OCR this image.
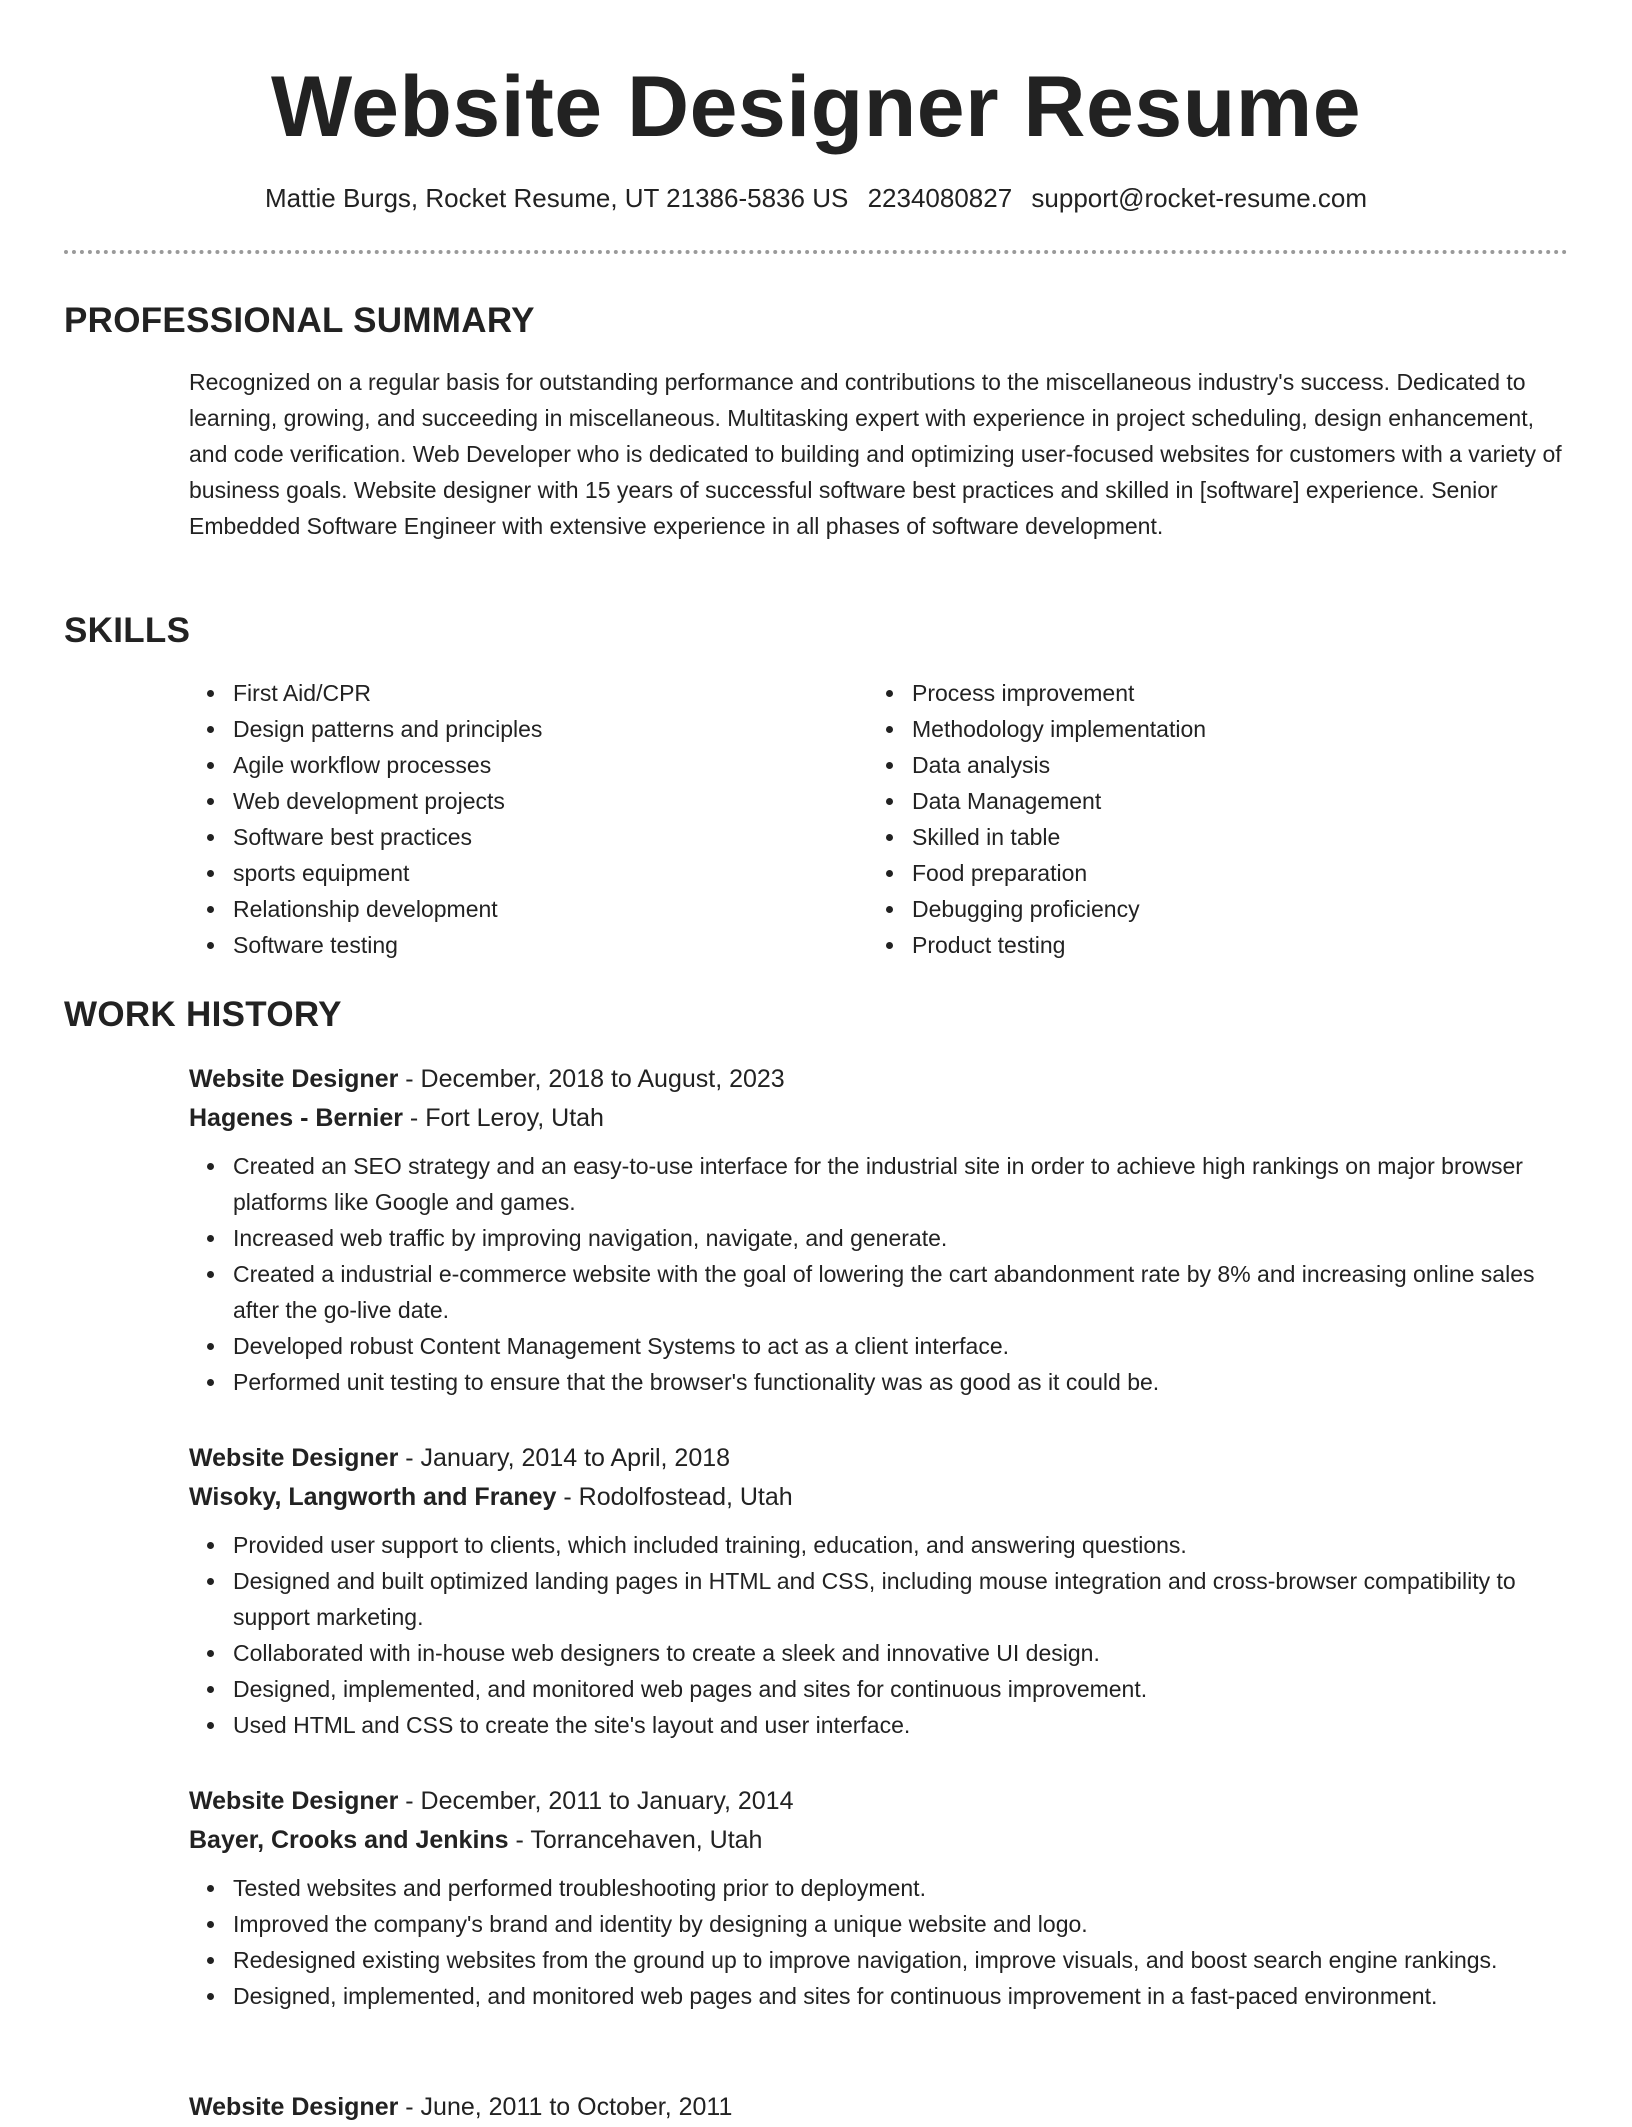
Website Designer Resume
Mattie Burgs, Rocket Resume, UT 21386-5836 US 2234080827 support@rocket-resume.com
PROFESSIONAL SUMMARY
Recognized on a regular basis for outstanding performance and contributions to the miscellaneous industry's success. Dedicated to learning, growing, and succeeding in miscellaneous. Multitasking expert with experience in project scheduling, design enhancement, and code verification. Web Developer who is dedicated to building and optimizing user-focused websites for customers with a variety of business goals. Website designer with 15 years of successful software best practices and skilled in [software] experience. Senior Embedded Software Engineer with extensive experience in all phases of software development.
SKILLS
First Aid/CPR
Design patterns and principles
Agile workflow processes
Web development projects
Software best practices
sports equipment
Relationship development
Software testing
Process improvement
Methodology implementation
Data analysis
Data Management
Skilled in table
Food preparation
Debugging proficiency
Product testing
WORK HISTORY
Website Designer - December, 2018 to August, 2023
Hagenes - Bernier - Fort Leroy, Utah
Created an SEO strategy and an easy-to-use interface for the industrial site in order to achieve high rankings on major browser platforms like Google and games.
Increased web traffic by improving navigation, navigate, and generate.
Created a industrial e-commerce website with the goal of lowering the cart abandonment rate by 8% and increasing online sales after the go-live date.
Developed robust Content Management Systems to act as a client interface.
Performed unit testing to ensure that the browser's functionality was as good as it could be.
Website Designer - January, 2014 to April, 2018
Wisoky, Langworth and Franey - Rodolfostead, Utah
Provided user support to clients, which included training, education, and answering questions.
Designed and built optimized landing pages in HTML and CSS, including mouse integration and cross-browser compatibility to support marketing.
Collaborated with in-house web designers to create a sleek and innovative UI design.
Designed, implemented, and monitored web pages and sites for continuous improvement.
Used HTML and CSS to create the site's layout and user interface.
Website Designer - December, 2011 to January, 2014
Bayer, Crooks and Jenkins - Torrancehaven, Utah
Tested websites and performed troubleshooting prior to deployment.
Improved the company's brand and identity by designing a unique website and logo.
Redesigned existing websites from the ground up to improve navigation, improve visuals, and boost search engine rankings.
Designed, implemented, and monitored web pages and sites for continuous improvement in a fast-paced environment.
Website Designer - June, 2011 to October, 2011
